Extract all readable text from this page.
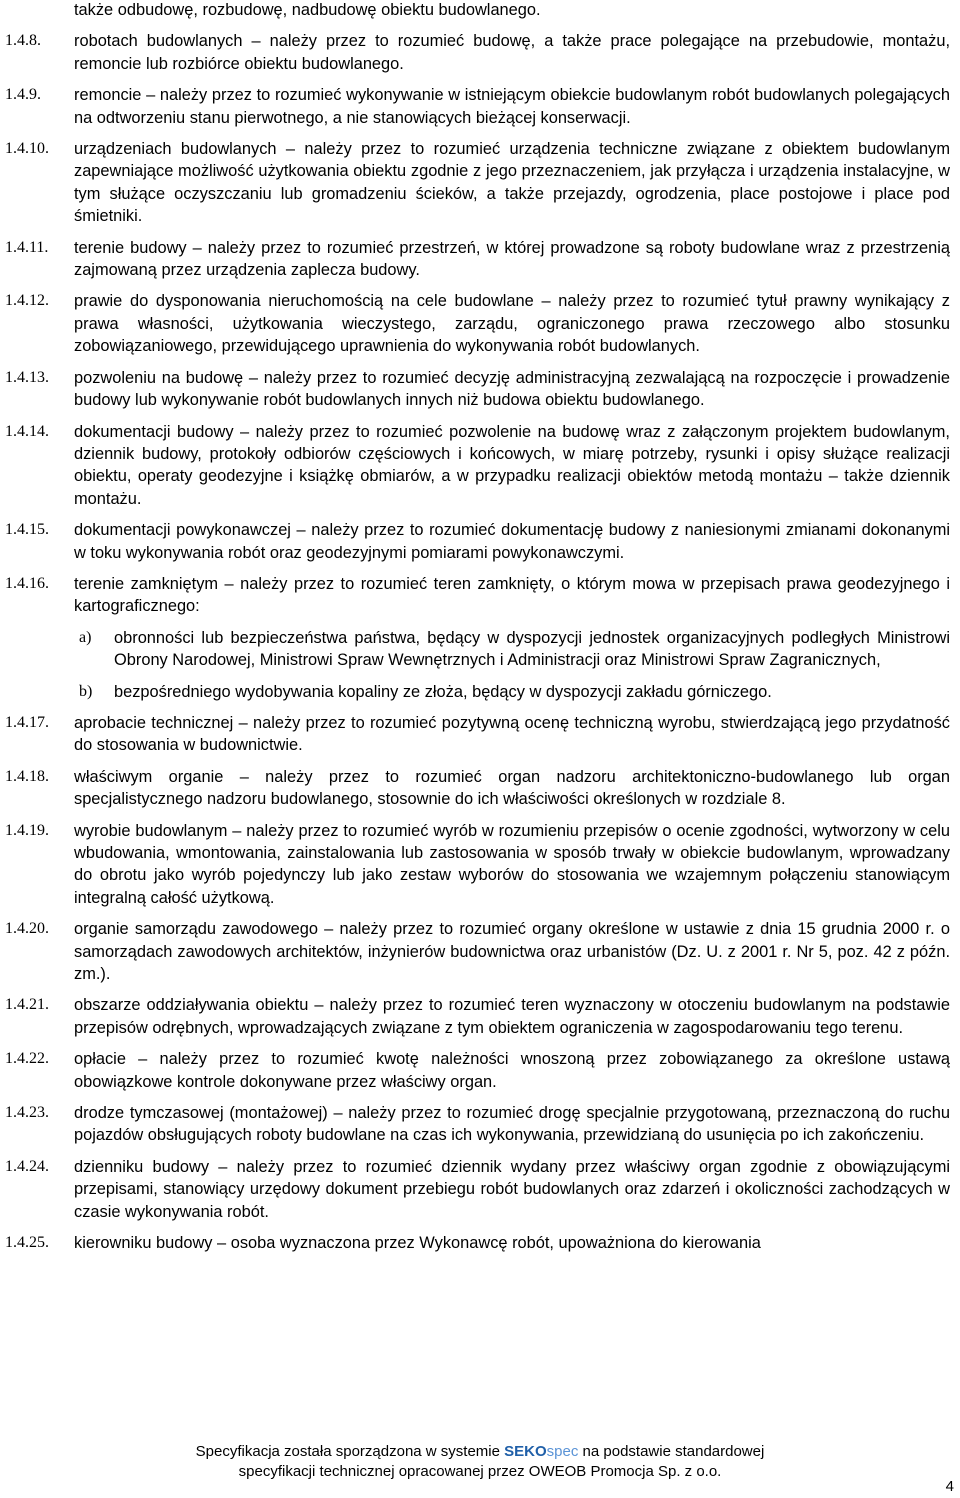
także odbudowę, rozbudowę, nadbudowę obiektu budowlanego.
1.4.8. robotach budowlanych – należy przez to rozumieć budowę, a także prace polegające na przebudowie, montażu, remoncie lub rozbiórce obiektu budowlanego.
1.4.9. remoncie – należy przez to rozumieć wykonywanie w istniejącym obiekcie budowlanym robót budowlanych polegających na odtworzeniu stanu pierwotnego, a nie stanowiących bieżącej konserwacji.
1.4.10. urządzeniach budowlanych – należy przez to rozumieć urządzenia techniczne związane z obiektem budowlanym zapewniające możliwość użytkowania obiektu zgodnie z jego przeznaczeniem, jak przyłącza i urządzenia instalacyjne, w tym służące oczyszczaniu lub gromadzeniu ścieków, a także przejazdy, ogrodzenia, place postojowe i place pod śmietniki.
1.4.11. terenie budowy – należy przez to rozumieć przestrzeń, w której prowadzone są roboty budowlane wraz z przestrzenią zajmowaną przez urządzenia zaplecza budowy.
1.4.12. prawie do dysponowania nieruchomością na cele budowlane – należy przez to rozumieć tytuł prawny wynikający z prawa własności, użytkowania wieczystego, zarządu, ograniczonego prawa rzeczowego albo stosunku zobowiązaniowego, przewidującego uprawnienia do wykonywania robót budowlanych.
1.4.13. pozwoleniu na budowę – należy przez to rozumieć decyzję administracyjną zezwalającą na rozpoczęcie i prowadzenie budowy lub wykonywanie robót budowlanych innych niż budowa obiektu budowlanego.
1.4.14. dokumentacji budowy – należy przez to rozumieć pozwolenie na budowę wraz z załączonym projektem budowlanym, dziennik budowy, protokoły odbiorów częściowych i końcowych, w miarę potrzeby, rysunki i opisy służące realizacji obiektu, operaty geodezyjne i książkę obmiarów, a w przypadku realizacji obiektów metodą montażu – także dziennik montażu.
1.4.15. dokumentacji powykonawczej – należy przez to rozumieć dokumentację budowy z naniesionymi zmianami dokonanymi w toku wykonywania robót oraz geodezyjnymi pomiarami powykonawczymi.
1.4.16. terenie zamkniętym – należy przez to rozumieć teren zamknięty, o którym mowa w przepisach prawa geodezyjnego i kartograficznego:
a) obronności lub bezpieczeństwa państwa, będący w dyspozycji jednostek organizacyjnych podległych Ministrowi Obrony Narodowej, Ministrowi Spraw Wewnętrznych i Administracji oraz Ministrowi Spraw Zagranicznych,
b) bezpośredniego wydobywania kopaliny ze złoża, będący w dyspozycji zakładu górniczego.
1.4.17. aprobacie technicznej – należy przez to rozumieć pozytywną ocenę techniczną wyrobu, stwierdzającą jego przydatność do stosowania w budownictwie.
1.4.18. właściwym organie – należy przez to rozumieć organ nadzoru architektoniczno-budowlanego lub organ specjalistycznego nadzoru budowlanego, stosownie do ich właściwości określonych w rozdziale 8.
1.4.19. wyrobie budowlanym – należy przez to rozumieć wyrób w rozumieniu przepisów o ocenie zgodności, wytworzony w celu wbudowania, wmontowania, zainstalowania lub zastosowania w sposób trwały w obiekcie budowlanym, wprowadzany do obrotu jako wyrób pojedynczy lub jako zestaw wyborów do stosowania we wzajemnym połączeniu stanowiącym integralną całość użytkową.
1.4.20. organie samorządu zawodowego – należy przez to rozumieć organy określone w ustawie z dnia 15 grudnia 2000 r. o samorządach zawodowych architektów, inżynierów budownictwa oraz urbanistów (Dz. U. z 2001 r. Nr 5, poz. 42 z późn. zm.).
1.4.21. obszarze oddziaływania obiektu – należy przez to rozumieć teren wyznaczony w otoczeniu budowlanym na podstawie przepisów odrębnych, wprowadzających związane z tym obiektem ograniczenia w zagospodarowaniu tego terenu.
1.4.22. opłacie – należy przez to rozumieć kwotę należności wnoszoną przez zobowiązanego za określone ustawą obowiązkowe kontrole dokonywane przez właściwy organ.
1.4.23. drodze tymczasowej (montażowej) – należy przez to rozumieć drogę specjalnie przygotowaną, przeznaczoną do ruchu pojazdów obsługujących roboty budowlane na czas ich wykonywania, przewidzianą do usunięcia po ich zakończeniu.
1.4.24. dzienniku budowy – należy przez to rozumieć dziennik wydany przez właściwy organ zgodnie z obowiązującymi przepisami, stanowiący urzędowy dokument przebiegu robót budowlanych oraz zdarzeń i okoliczności zachodzących w czasie wykonywania robót.
1.4.25. kierowniku budowy – osoba wyznaczona przez Wykonawcę robót, upoważniona do kierowania
Specyfikacja została sporządzona w systemie SEKOspec na podstawie standardowej
specyfikacji technicznej opracowanej przez OWEOB Promocja Sp. z o.o.
4
